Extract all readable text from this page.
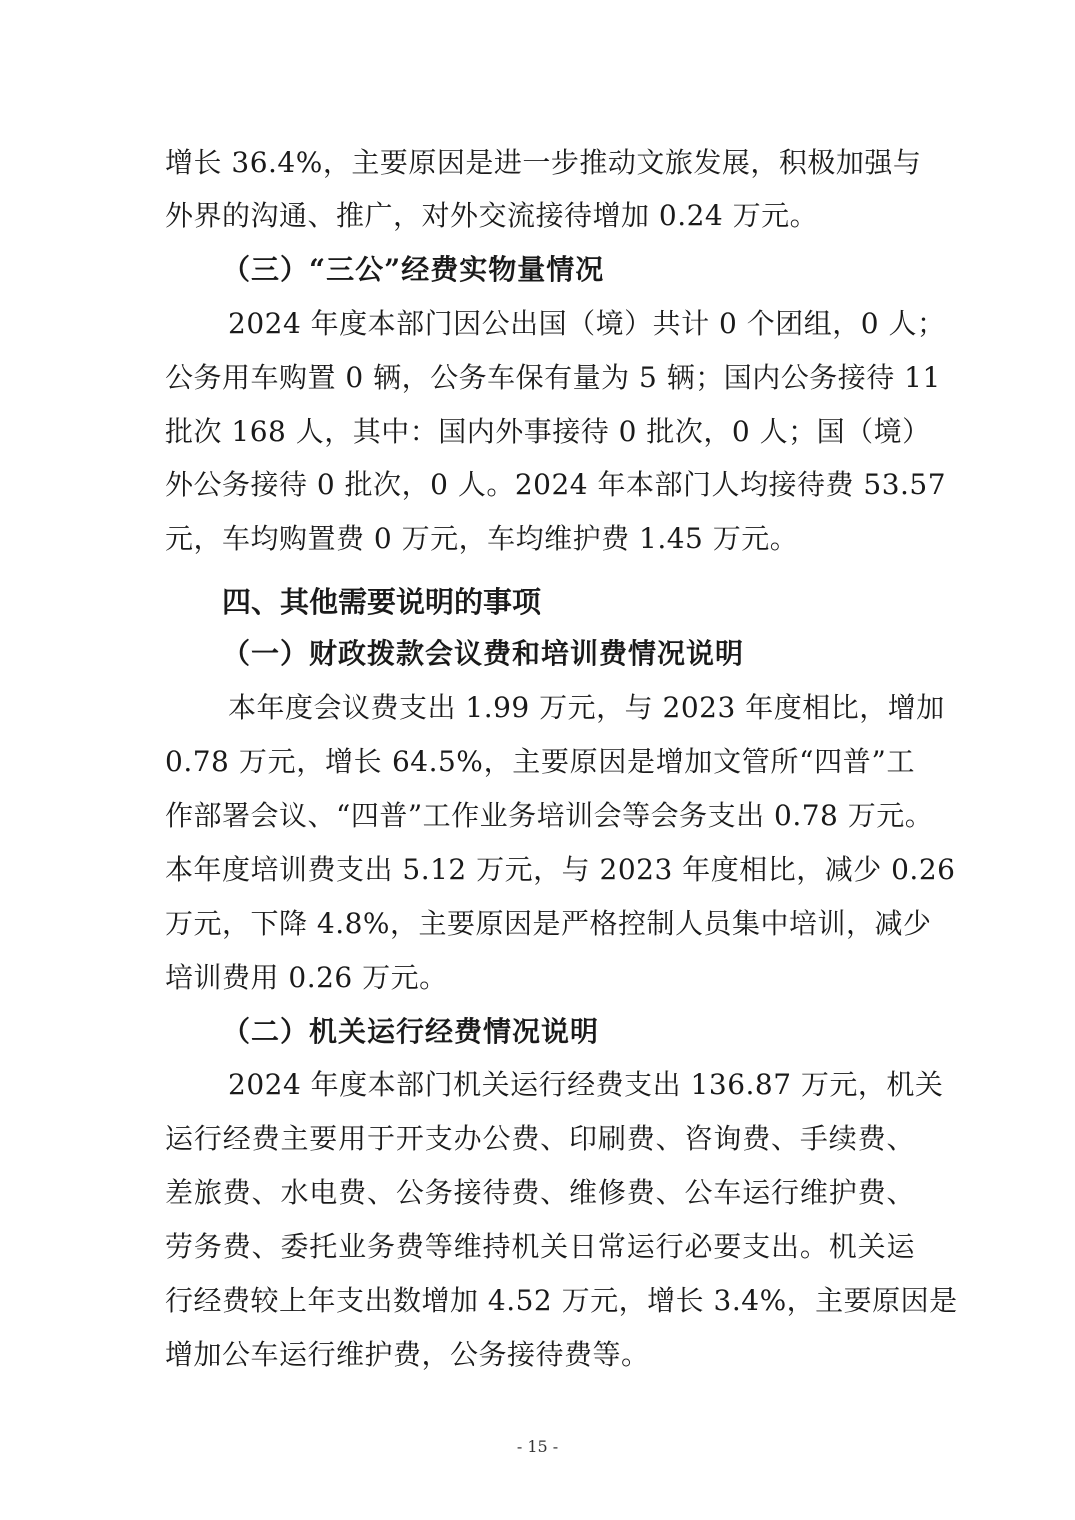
增长 36.4%，主要原因是进一步推动文旅发展，积极加强与
外界的沟通、推广，对外交流接待增加 0.24 万元。
（三）“三公”经费实物量情况
2024 年度本部门因公出国（境）共计 0 个团组，0 人；
公务用车购置 0 辆，公务车保有量为 5 辆；国内公务接待 11
批次 168 人，其中：国内外事接待 0 批次，0 人；国（境）
外公务接待 0 批次，0 人。2024 年本部门人均接待费 53.57
元，车均购置费 0 万元，车均维护费 1.45 万元。
四、其他需要说明的事项
（一）财政拨款会议费和培训费情况说明
本年度会议费支出 1.99 万元，与 2023 年度相比，增加
0.78 万元，增长 64.5%，主要原因是增加文管所“四普”工
作部署会议、“四普”工作业务培训会等会务支出 0.78 万元。
本年度培训费支出 5.12 万元，与 2023 年度相比，减少 0.26
万元，下降 4.8%，主要原因是严格控制人员集中培训，减少
培训费用 0.26 万元。
（二）机关运行经费情况说明
2024 年度本部门机关运行经费支出 136.87 万元，机关
运行经费主要用于开支办公费、印刷费、咨询费、手续费、
差旅费、水电费、公务接待费、维修费、公车运行维护费、
劳务费、委托业务费等维持机关日常运行必要支出。机关运
行经费较上年支出数增加 4.52 万元，增长 3.4%，主要原因是
增加公车运行维护费，公务接待费等。
- 15 -
